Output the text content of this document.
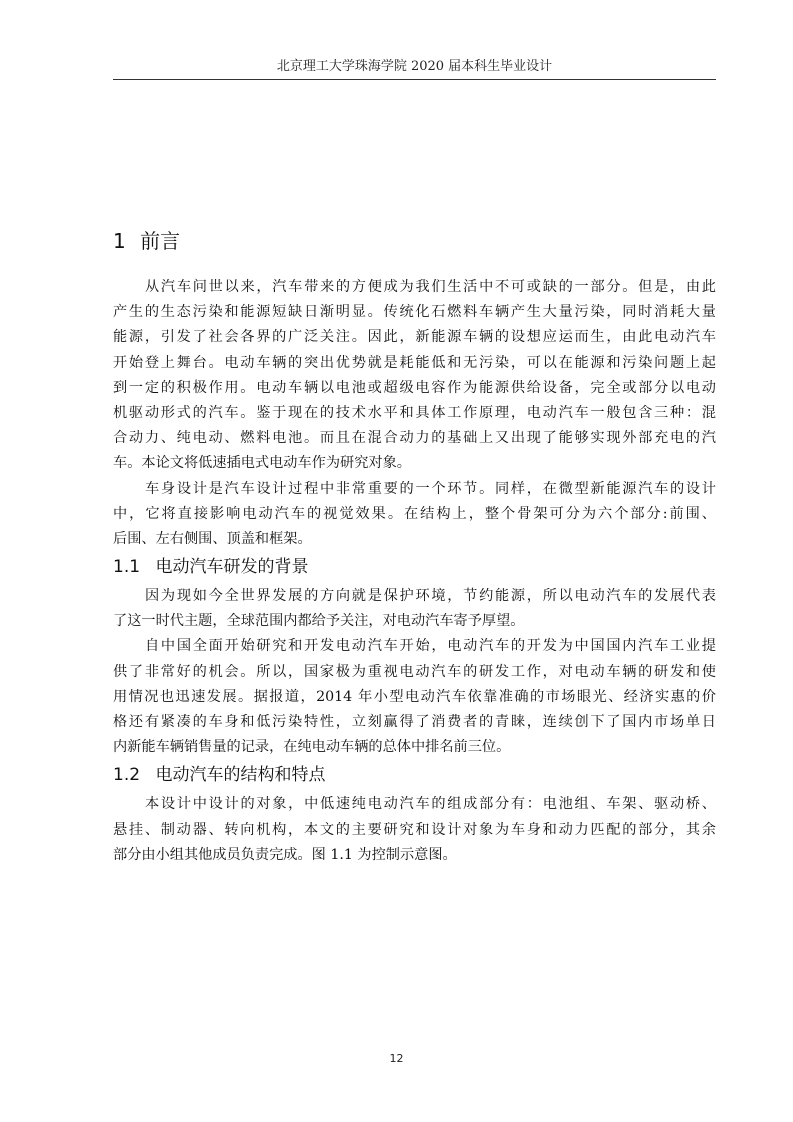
北京理工大学珠海学院 2020 届本科生毕业设计
1 前言
从汽车问世以来，汽车带来的方便成为我们生活中不可或缺的一部分。但是，由此
产生的生态污染和能源短缺日渐明显。传统化石燃料车辆产生大量污染，同时消耗大量
能源，引发了社会各界的广泛关注。因此，新能源车辆的设想应运而生，由此电动汽车
开始登上舞台。电动车辆的突出优势就是耗能低和无污染，可以在能源和污染问题上起
到一定的积极作用。电动车辆以电池或超级电容作为能源供给设备，完全或部分以电动
机驱动形式的汽车。鉴于现在的技术水平和具体工作原理，电动汽车一般包含三种：混
合动力、纯电动、燃料电池。而且在混合动力的基础上又出现了能够实现外部充电的汽
车。本论文将低速插电式电动车作为研究对象。
车身设计是汽车设计过程中非常重要的一个环节。同样，在微型新能源汽车的设计
中，它将直接影响电动汽车的视觉效果。在结构上，整个骨架可分为六个部分:前围、
后围、左右侧围、顶盖和框架。
1.1 电动汽车研发的背景
因为现如今全世界发展的方向就是保护环境，节约能源，所以电动汽车的发展代表
了这一时代主题，全球范围内都给予关注，对电动汽车寄予厚望。
自中国全面开始研究和开发电动汽车开始，电动汽车的开发为中国国内汽车工业提
供了非常好的机会。所以，国家极为重视电动汽车的研发工作，对电动车辆的研发和使
用情况也迅速发展。据报道，2014 年小型电动汽车依靠准确的市场眼光、经济实惠的价
格还有紧凑的车身和低污染特性，立刻赢得了消费者的青睐，连续创下了国内市场单日
内新能车辆销售量的记录，在纯电动车辆的总体中排名前三位。
1.2 电动汽车的结构和特点
本设计中设计的对象，中低速纯电动汽车的组成部分有：电池组、车架、驱动桥、
悬挂、制动器、转向机构，本文的主要研究和设计对象为车身和动力匹配的部分，其余
部分由小组其他成员负责完成。图 1.1 为控制示意图。
12
